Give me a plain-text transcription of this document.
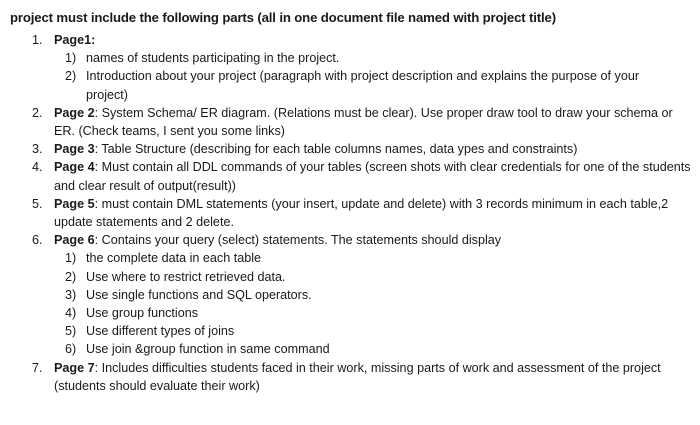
project must include the following parts (all in one document file named with project title)
1. Page1:
1) names of students participating in the project.
2) Introduction about your project (paragraph with project description and explains the purpose of your project)
2. Page 2: System Schema/ ER diagram. (Relations must be clear). Use proper draw tool to draw your schema or ER. (Check teams, I sent you some links)
3. Page 3: Table Structure (describing for each table columns names, data ypes and constraints)
4. Page 4: Must contain all DDL commands of your tables (screen shots with clear credentials for one of the students and clear result of output(result))
5. Page 5: must contain DML statements (your insert, update and delete) with 3 records minimum in each table,2 update statements and 2 delete.
6. Page 6: Contains your query (select) statements. The statements should display
1) the complete data in each table
2) Use where to restrict retrieved data.
3) Use single functions and SQL operators.
4) Use group functions
5) Use different types of joins
6) Use join &group function in same command
7. Page 7: Includes difficulties students faced in their work, missing parts of work and assessment of the project (students should evaluate their work)
